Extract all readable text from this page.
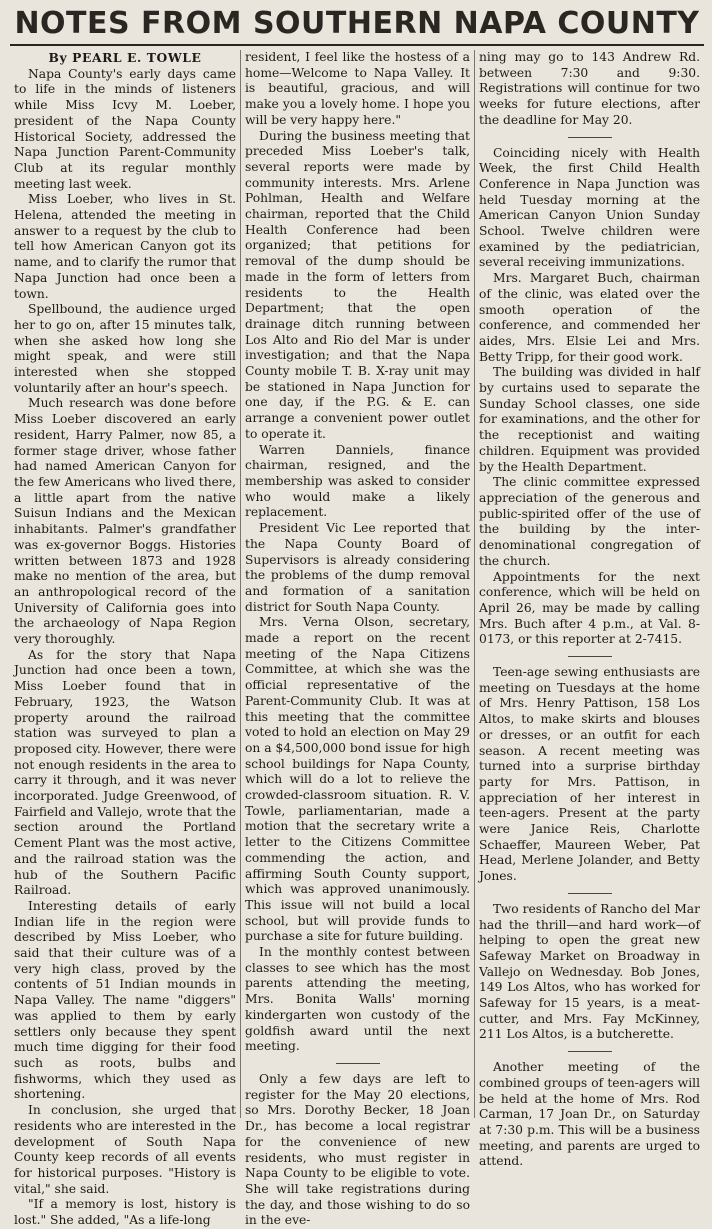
NOTES FROM SOUTHERN NAPA COUNTY
By PEARL E. TOWLE

Napa County's early days came to life in the minds of listeners while Miss Icvy M. Loeber, president of the Napa County Historical Society, addressed the Napa Junction Parent-Community Club at its regular monthly meeting last week.

Miss Loeber, who lives in St. Helena, attended the meeting in answer to a request by the club to tell how American Canyon got its name, and to clarify the rumor that Napa Junction had once been a town.

Spellbound, the audience urged her to go on, after 15 minutes talk, when she asked how long she might speak, and were still interested when she stopped voluntarily after an hour's speech.

Much research was done before Miss Loeber discovered an early resident, Harry Palmer, now 85, a former stage driver, whose father had named American Canyon for the few Americans who lived there, a little apart from the native Suisun Indians and the Mexican inhabitants. Palmer's grandfather was ex-governor Boggs. Histories written between 1873 and 1928 make no mention of the area, but an anthropological record of the University of California goes into the archaeology of Napa Region very thoroughly.

As for the story that Napa Junction had once been a town, Miss Loeber found that in February, 1923, the Watson property around the railroad station was surveyed to plan a proposed city. However, there were not enough residents in the area to carry it through, and it was never incorporated. Judge Greenwood, of Fairfield and Vallejo, wrote that the section around the Portland Cement Plant was the most active, and the railroad station was the hub of the Southern Pacific Railroad.

Interesting details of early Indian life in the region were described by Miss Loeber, who said that their culture was of a very high class, proved by the contents of 51 Indian mounds in Napa Valley. The name "diggers" was applied to them by early settlers only because they spent much time digging for their food such as roots, bulbs and fishworms, which they used as shortening.

In conclusion, she urged that residents who are interested in the development of South Napa County keep records of all events for historical purposes. "History is vital," she said.

"If a memory is lost, history is lost." She added, "As a life-long

resident, I feel like the hostess of a home—Welcome to Napa Valley. It is beautiful, gracious, and will make you a lovely home. I hope you will be very happy here."

During the business meeting that preceded Miss Loeber's talk, several reports were made by community interests. Mrs. Arlene Pohlman, Health and Welfare chairman, reported that the Child Health Conference had been organized; that petitions for removal of the dump should be made in the form of letters from residents to the Health Department; that the open drainage ditch running between Los Alto and Rio del Mar is under investigation; and that the Napa County mobile T. B. X-ray unit may be stationed in Napa Junction for one day, if the P.G. & E. can arrange a convenient power outlet to operate it.

Warren Danniels, finance chairman, resigned, and the membership was asked to consider who would make a likely replacement.

President Vic Lee reported that the Napa County Board of Supervisors is already considering the problems of the dump removal and formation of a sanitation district for South Napa County.

Mrs. Verna Olson, secretary, made a report on the recent meeting of the Napa Citizens Committee, at which she was the official representative of the Parent-Community Club. It was at this meeting that the committee voted to hold an election on May 29 on a $4,500,000 bond issue for high school buildings for Napa County, which will do a lot to relieve the crowded-classroom situation. R. V. Towle, parliamentarian, made a motion that the secretary write a letter to the Citizens Committee commending the action, and affirming South County support, which was approved unanimously. This issue will not build a local school, but will provide funds to purchase a site for future building.

In the monthly contest between classes to see which has the most parents attending the meeting, Mrs. Bonita Walls' morning kindergarten won custody of the goldfish award until the next meeting.

Only a few days are left to register for the May 20 elections, so Mrs. Dorothy Becker, 18 Joan Dr., has become a local registrar for the convenience of new residents, who must register in Napa County to be eligible to vote. She will take registrations during the day, and those wishing to do so in the eve-

ning may go to 143 Andrew Rd. between 7:30 and 9:30. Registrations will continue for two weeks for future elections, after the deadline for May 20.

Coinciding nicely with Health Week, the first Child Health Conference in Napa Junction was held Tuesday morning at the American Canyon Union Sunday School. Twelve children were examined by the pediatrician, several receiving immunizations.

Mrs. Margaret Buch, chairman of the clinic, was elated over the smooth operation of the conference, and commended her aides, Mrs. Elsie Lei and Mrs. Betty Tripp, for their good work.

The building was divided in half by curtains used to separate the Sunday School classes, one side for examinations, and the other for the receptionist and waiting children. Equipment was provided by the Health Department.

The clinic committee expressed appreciation of the generous and public-spirited offer of the use of the building by the inter-denominational congregation of the church.

Appointments for the next conference, which will be held on April 26, may be made by calling Mrs. Buch after 4 p.m., at Val. 8-0173, or this reporter at 2-7415.

Teen-age sewing enthusiasts are meeting on Tuesdays at the home of Mrs. Henry Pattison, 158 Los Altos, to make skirts and blouses or dresses, or an outfit for each season. A recent meeting was turned into a surprise birthday party for Mrs. Pattison, in appreciation of her interest in teen-agers. Present at the party were Janice Reis, Charlotte Schaeffer, Maureen Weber, Pat Head, Merlene Jolander, and Betty Jones.

Two residents of Rancho del Mar had the thrill—and hard work—of helping to open the great new Safeway Market on Broadway in Vallejo on Wednesday. Bob Jones, 149 Los Altos, who has worked for Safeway for 15 years, is a meat-cutter, and Mrs. Fay McKinney, 211 Los Altos, is a butcherette.

Another meeting of the combined groups of teen-agers will be held at the home of Mrs. Rod Carman, 17 Joan Dr., on Saturday at 7:30 p.m. This will be a business meeting, and parents are urged to attend.
